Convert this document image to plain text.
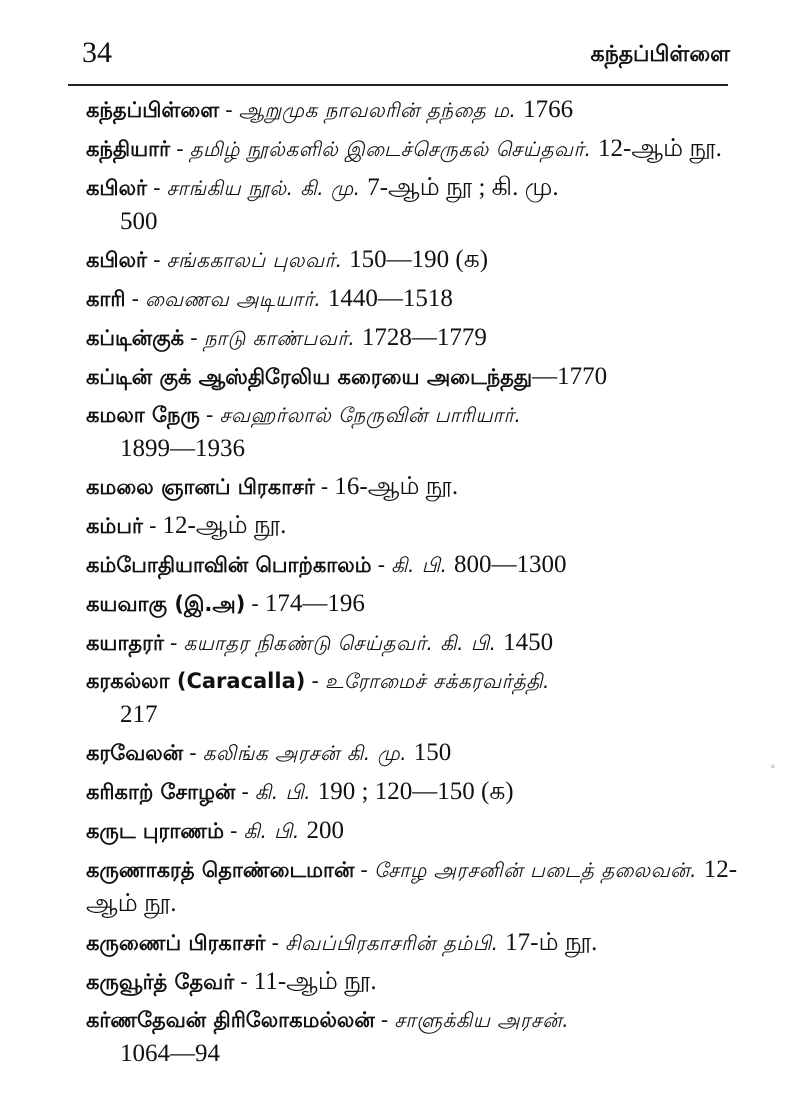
34	கந்தப்பிள்ளை
கந்தப்பிள்ளை - ஆறுமுக நாவலரின் தந்தை ம. 1766
கந்தியார் - தமிழ் நூல்களில் இடைச்செருகல் செய்தவர். 12-ஆம் நூ.
கபிலர் - சாங்கிய நூல். கி. மு. 7-ஆம் நூ ; கி. மு.
500
கபிலர் - சங்ககாலப் புலவர். 150—190 (க)
காரி - வைணவ அடியார். 1440—1518
கப்டின்குக் - நாடு காண்பவர். 1728—1779
கப்டின் குக் ஆஸ்திரேலிய கரையை அடைந்தது—1770
கமலா நேரு - சவஹர்லால் நேருவின் பாரியார்.
1899—1936
கமலை ஞானப் பிரகாசர் - 16-ஆம் நூ.
கம்பர் - 12-ஆம் நூ.
கம்போதியாவின் பொற்காலம் - கி. பி. 800—1300
கயவாகு (இ.அ) - 174—196
கயாதரர் - கயாதர நிகண்டு செய்தவர். கி. பி. 1450
கரகல்லா (Caracalla) - உரோமைச் சக்கரவர்த்தி.
217
கரவேலன் - கலிங்க அரசன் கி. மு. 150
கரிகாற் சோழன் - கி. பி. 190 ; 120—150 (க)
கருட புராணம் - கி. பி. 200
கருணாகரத் தொண்டைமான் - சோழ அரசனின் படைத் தலைவன். 12-ஆம் நூ.
கருணைப் பிரகாசர் - சிவப்பிரகாசரின் தம்பி. 17-ம் நூ.
கருவூர்த் தேவர் - 11-ஆம் நூ.
கர்ணதேவன் திரிலோகமல்லன் - சாளுக்கிய அரசன்.
1064—94
◦
